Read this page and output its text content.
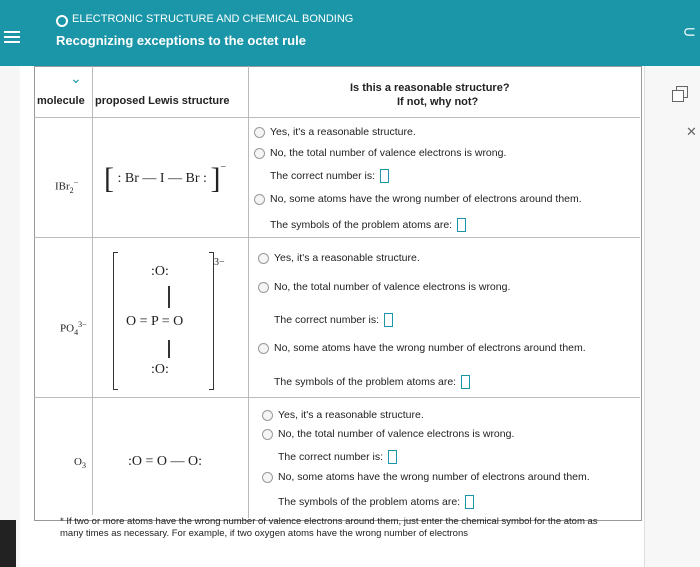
ELECTRONIC STRUCTURE AND CHEMICAL BONDING
Recognizing exceptions to the octet rule	⊂
✕
⌄
molecule proposed Lewis structure
Is this a reasonable structure?
If not, why not?
IBr$_2$− [ : Br — I — Br : ]−
Yes, it's a reasonable structure.
No, the total number of valence electrons is wrong.
The correct number is:
No, some atoms have the wrong number of electrons around them.
The symbols of the problem atoms are:
$PO_4^{3-}$
3−
:O:
O = P = O
:O:
Yes, it's a reasonable structure.
No, the total number of valence electrons is wrong.
The correct number is:
No, some atoms have the wrong number of electrons around them.
The symbols of the problem atoms are:
$O_3$	:O = O — O:
Yes, it's a reasonable structure.
No, the total number of valence electrons is wrong.
The correct number is:
No, some atoms have the wrong number of electrons around them.
The symbols of the problem atoms are:
* If two or more atoms have the wrong number of valence electrons around them, just enter the chemical symbol for the atom as many times as necessary. For example, if two oxygen atoms have the wrong number of electrons
